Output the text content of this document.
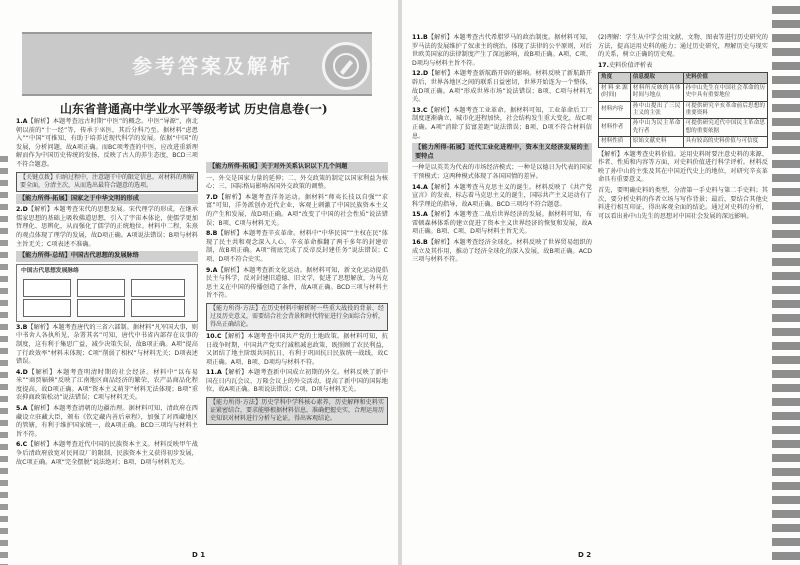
参考答案及解析
山东省普通高中学业水平等级考试 历史信息卷(一)

1.A【解析】本题考查远古时期“中医”的概念。中医“导源”，南北朝以前的“十一经”等，传承于巫医，其后分科乃至。据材料“虑患入”“中国”可推知，有助于培养近现代科学的发展。依据“中国”的发展，分析问题，故A项正确。而BC项考查的中医，应改进重新理解而作为中国历史传统的发扬，反映了古人的养生态度，BCD三项不符合题意。

【关键点拨】归纳过程中，注意题干中的限定信息。对材料的理解要全面，分清主次，从而选出最符合题意的选项。
【能力所得·拓展】国家之于中华文明的形成

2.D【解析】本题考查宋代的思想发展。宋代理学的形成，在继承儒家思想的基础上吸收佛道思想，引入了宇宙本体论，使儒学更加哲理化、思辨化，从而强化了儒学的正统地位。材料中二程、朱熹的观点体现了理学的发展，故D项正确。A项说法错误；B项与材料主旨无关；C项表述不准确。

【能力所得·总结】中国古代思想的发展脉络
中国古代思想发展脉络

3.B【解析】本题考查唐代的三省六部制。据材料“凡军国大事，则中书舍人各执所见，杂署其名”可知，唐代中书省内部存在议事的制度，这有利于集思广益，减少决策失误，故B项正确。A项“提高了行政效率”材料未体现；C项“削弱了相权”与材料无关；D项表述错误。

4.D【解析】本题考查明清时期的社会经济。材料中“以布易米”“商贾辐辏”反映了江南地区商品经济的繁荣，农产品商品化程度提高，故D项正确。A项“资本主义萌芽”材料无法体现；B项“重农抑商政策松动”说法错误；C项与材料无关。

5.A【解析】本题考查清朝的边疆治理。据材料可知，清政府在西藏设立驻藏大臣，颁布《钦定藏内善后章程》，加强了对西藏地区的管辖，有利于维护国家统一，故A项正确。BCD三项均与材料主旨不符。

6.C【解析】本题考查近代中国的民族资本主义。材料反映甲午战争后清政府放宽对民间设厂的限制，民族资本主义获得初步发展，故C项正确。A项“完全摆脱”说法绝对；B项、D项与材料无关。

【能力所得·拓展】关于对外关系认识以下几个问题

一、外交是国家力量的延伸；二、外交政策的制定以国家利益为核心；三、国际格局影响各国外交政策的调整。

7.D【解析】本题考查洋务运动。据材料“师夷长技以自强”“求富”可知，洋务派创办近代企业，客观上刺激了中国民族资本主义的产生和发展，故D项正确。A项“改变了中国的社会性质”说法错误；B项、C项与材料无关。

8.B【解析】本题考查辛亥革命。材料中“中华民国”“主权在民”体现了民主共和观念深入人心，辛亥革命推翻了两千多年的封建帝制，故B项正确。A项“彻底完成了反帝反封建任务”说法错误；C项、D项不符合史实。

9.A【解析】本题考查新文化运动。据材料可知，新文化运动提倡民主与科学，反对封建旧道德、旧文学，促进了思想解放，为马克思主义在中国的传播创造了条件，故A项正确。BCD三项与材料主旨不符。

【能力所得·方法】在历史材料中解析时一些重大战役的背景、经过及历史意义，需要结合社会背景和时代特征进行全面综合分析，得出正确结论。

10.C【解析】本题考查中国共产党的土地政策。据材料可知，抗日战争时期，中国共产党实行减租减息政策，既照顾了农民利益，又团结了地主阶级共同抗日，有利于巩固抗日民族统一战线，故C项正确。A项、B项、D项均与材料不符。

11.A【解析】本题考查新中国成立初期的外交。材料反映了新中国在日内瓦会议、万隆会议上的外交活动，提高了新中国的国际地位，故A项正确。B项说法错误；C项、D项与材料无关。

【能力所得·方法】历史学科中学科核心素养，历史解释和史料实证紧密结合，要求能够根据材料信息，准确把握史实，合理运用历史知识对材料进行分析与论证，得出客观结论。
D 1

11.B【解析】本题考查古代希腊罗马的政治制度。据材料可知，罗马法的发展维护了奴隶主的统治，体现了法律的公平原则，对后世欧美国家的法律制度产生了深远影响，故B项正确。A项、C项、D项均与材料主旨不符。

12.D【解析】本题考查新航路开辟的影响。材料反映了新航路开辟后，世界各地区之间的联系日益密切，世界开始连为一个整体，故D项正确。A项“形成世界市场”说法错误；B项、C项与材料无关。

13.C【解析】本题考查工业革命。据材料可知，工业革命后工厂制度逐渐确立，城市化进程加快，社会结构发生重大变化，故C项正确。A项“消除了贫富差距”说法错误；B项、D项不符合材料信息。

【能力所得·拓展】近代工业化进程中，资本主义经济发展的主要特点

一种是以英美为代表的市场经济模式；一种是以德日为代表的国家干预模式；这两种模式体现了各国国情的差异。

14.A【解析】本题考查马克思主义的诞生。材料反映了《共产党宣言》的发表，标志着马克思主义的诞生，国际共产主义运动有了科学理论的指导，故A项正确。BCD三项均不符合题意。

15.A【解析】本题考查二战后世界经济的发展。据材料可知，布雷顿森林体系的建立促进了资本主义世界经济的恢复和发展，故A项正确。B项、C项、D项与材料主旨无关。

16.B【解析】本题考查经济全球化。材料反映了世界贸易组织的成立及其作用，推动了经济全球化的深入发展，故B项正确。ACD三项与材料不符。

(2)理解：学生从中学会用文献、文物、图表等进行历史研究的方法，提高运用史料的能力；通过历史研究，理解历史与现实的关系，树立正确的历史观。

17.史料价值评析表

角度	信息提取	史料价值
材料来源(时间)	材料所反映的具体时间与地点	孙中山先生在中国社会革命的历史中具有重要地位
材料内容	孙中山提出了三民主义的主张	可提供研究辛亥革命前后思想的重要资料
材料作者	孙中山为民主革命先行者	可提供研究近代中国民主革命思想的重要依据
材料性质	原始文献史料	具有较高的史料价值与可信度

【解析】本题考查史料价值。运用史料时要注意史料的来源、作者、性质和内容等方面，对史料价值进行科学评析。材料反映了孙中山的主张及其在中国近代史上的地位，对研究辛亥革命具有重要意义。

首先，要明确史料的类型，分清第一手史料与第二手史料；其次，要分析史料的作者立场与写作背景；最后，要结合其他史料进行相互印证，得出客观全面的结论。通过对史料的分析，可以看出孙中山先生的思想对中国社会发展的深远影响。

D 2
